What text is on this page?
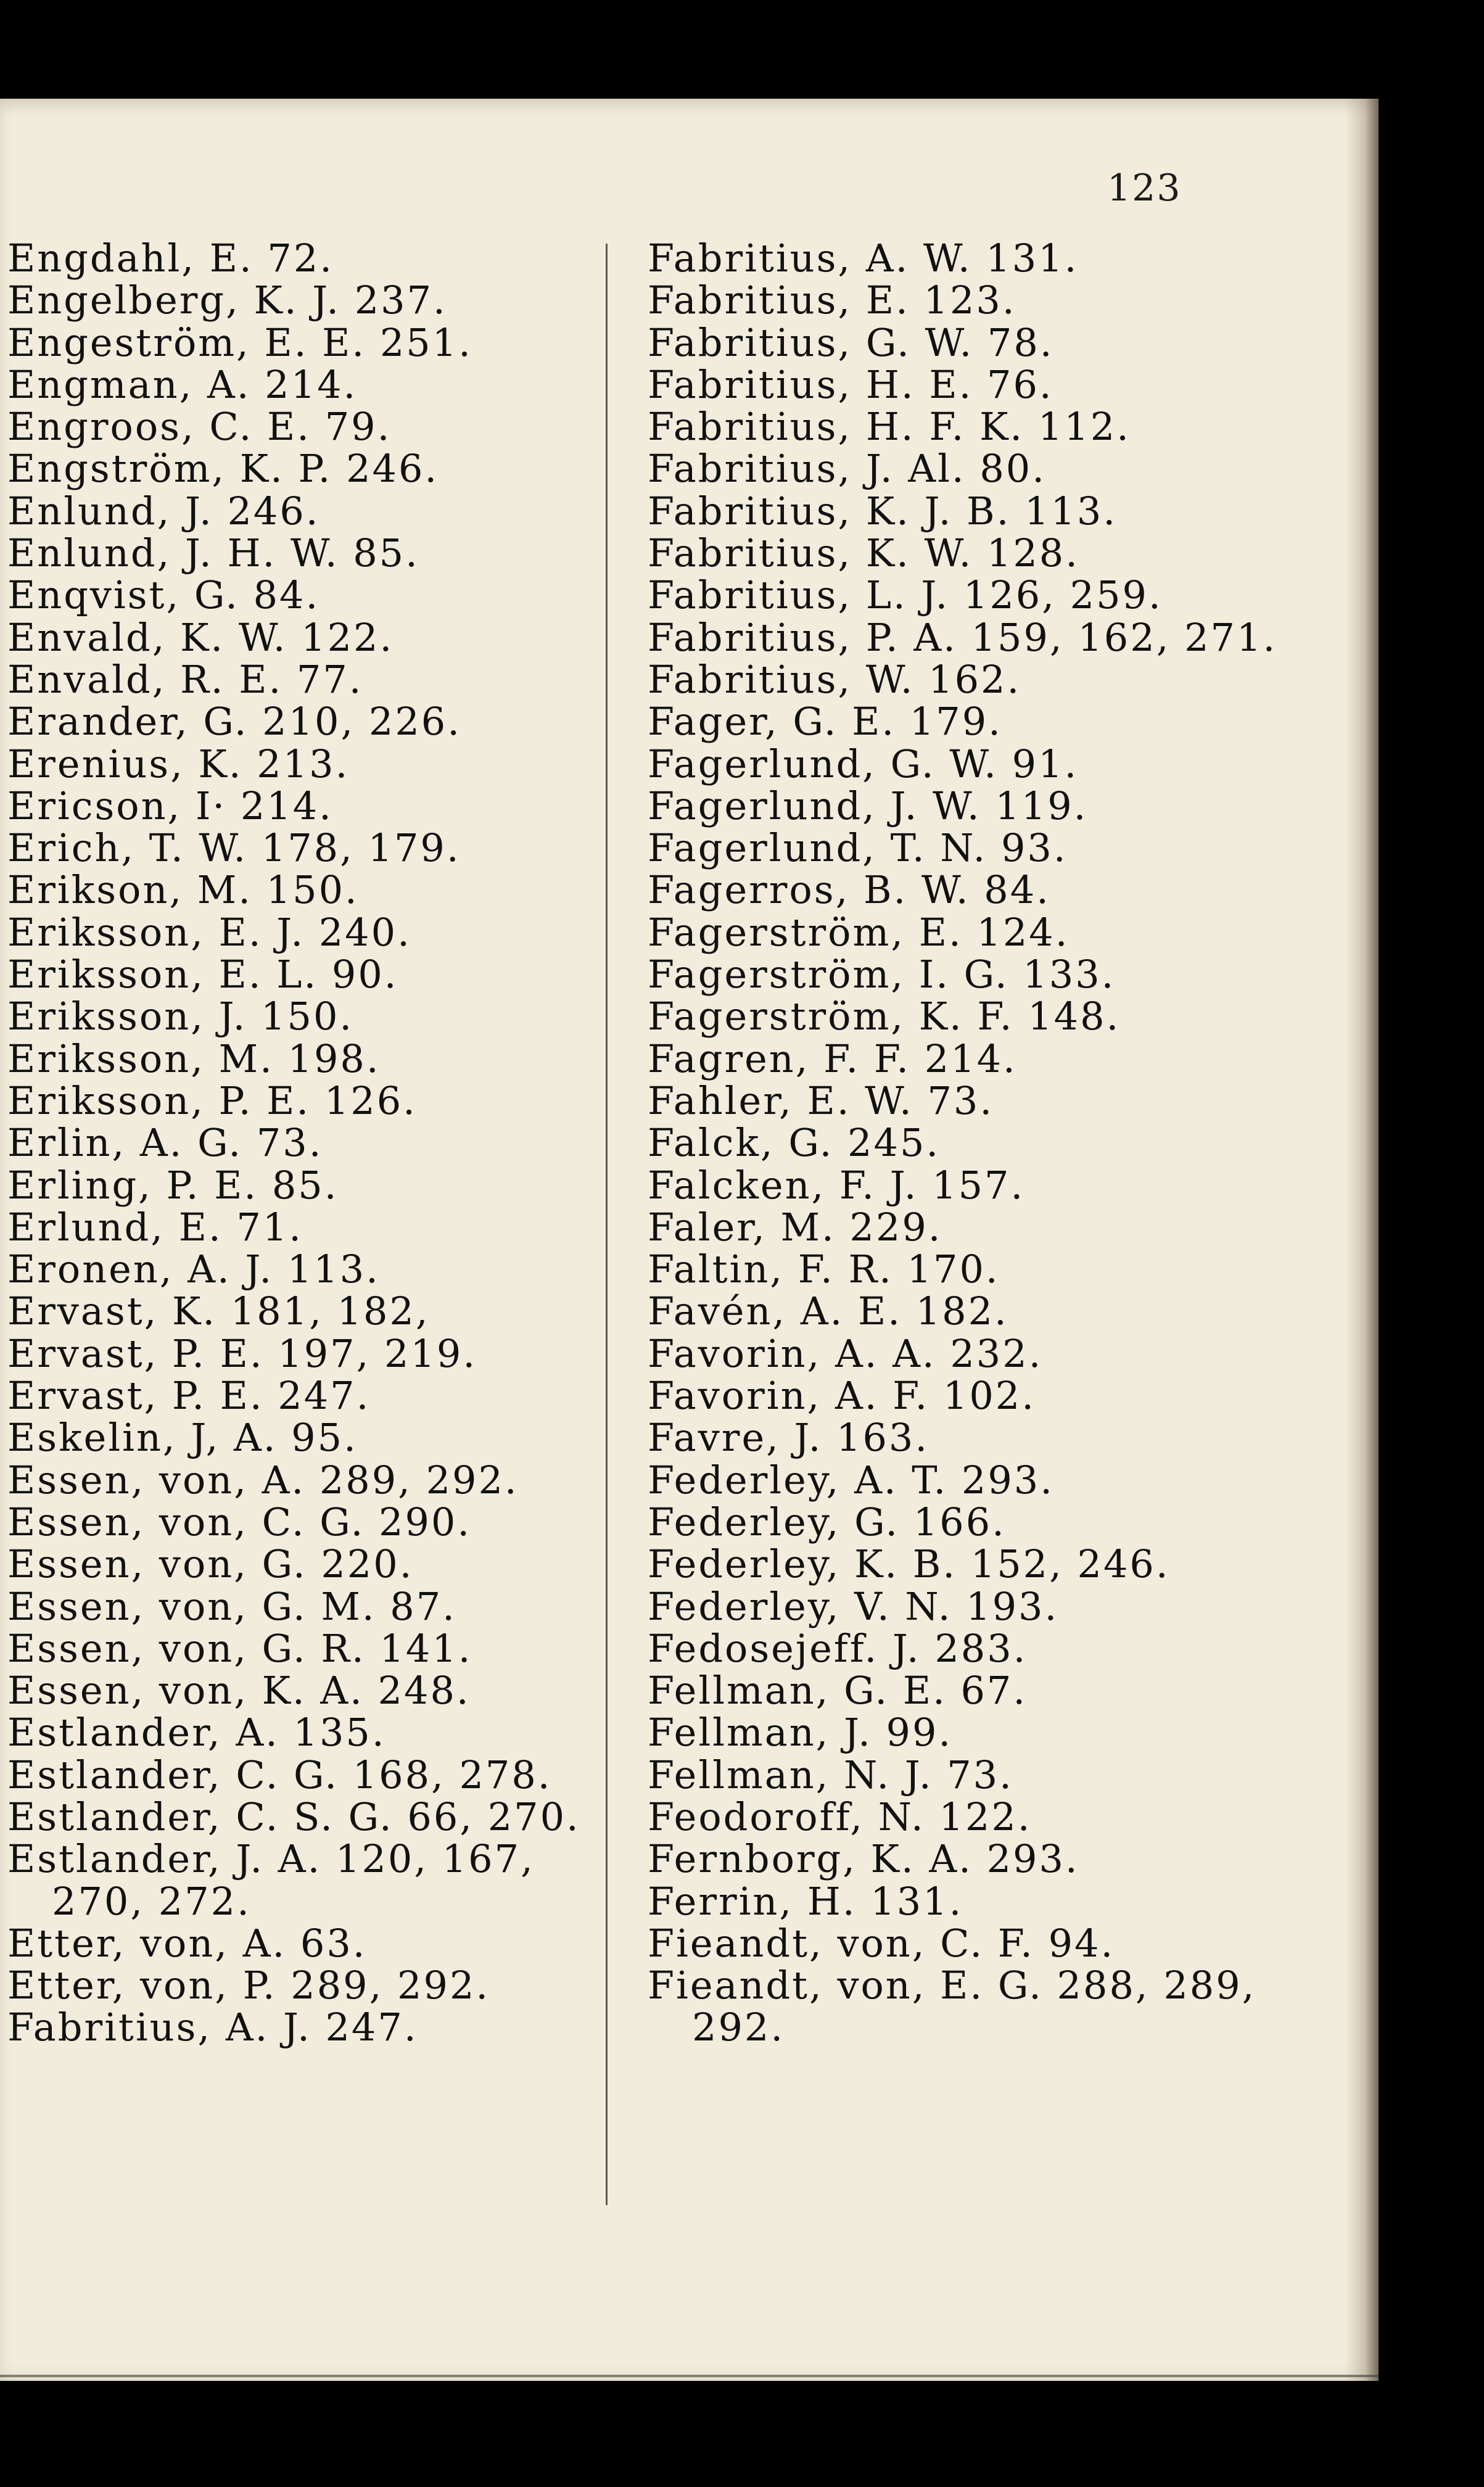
123
Engdahl, E. 72.
Engelberg, K. J. 237.
Engeström, E. E. 251.
Engman, A. 214.
Engroos, C. E. 79.
Engström, K. P. 246.
Enlund, J. 246.
Enlund, J. H. W. 85.
Enqvist, G. 84.
Envald, K. W. 122.
Envald, R. E. 77.
Erander, G. 210, 226.
Erenius, K. 213.
Ericson, I· 214.
Erich, T. W. 178, 179.
Erikson, M. 150.
Eriksson, E. J. 240.
Eriksson, E. L. 90.
Eriksson, J. 150.
Eriksson, M. 198.
Eriksson, P. E. 126.
Erlin, A. G. 73.
Erling, P. E. 85.
Erlund, E. 71.
Eronen, A. J. 113.
Ervast, K. 181, 182,
Ervast, P. E. 197, 219.
Ervast, P. E. 247.
Eskelin, J, A. 95.
Essen, von, A. 289, 292.
Essen, von, C. G. 290.
Essen, von, G. 220.
Essen, von, G. M. 87.
Essen, von, G. R. 141.
Essen, von, K. A. 248.
Estlander, A. 135.
Estlander, C. G. 168, 278.
Estlander, C. S. G. 66, 270.
Estlander, J. A. 120, 167,
270, 272.
Etter, von, A. 63.
Etter, von, P. 289, 292.
Fabritius, A. J. 247.
Fabritius, A. W. 131.
Fabritius, E. 123.
Fabritius, G. W. 78.
Fabritius, H. E. 76.
Fabritius, H. F. K. 112.
Fabritius, J. Al. 80.
Fabritius, K. J. B. 113.
Fabritius, K. W. 128.
Fabritius, L. J. 126, 259.
Fabritius, P. A. 159, 162, 271.
Fabritius, W. 162.
Fager, G. E. 179.
Fagerlund, G. W. 91.
Fagerlund, J. W. 119.
Fagerlund, T. N. 93.
Fagerros, B. W. 84.
Fagerström, E. 124.
Fagerström, I. G. 133.
Fagerström, K. F. 148.
Fagren, F. F. 214.
Fahler, E. W. 73.
Falck, G. 245.
Falcken, F. J. 157.
Faler, M. 229.
Faltin, F. R. 170.
Favén, A. E. 182.
Favorin, A. A. 232.
Favorin, A. F. 102.
Favre, J. 163.
Federley, A. T. 293.
Federley, G. 166.
Federley, K. B. 152, 246.
Federley, V. N. 193.
Fedosejeff. J. 283.
Fellman, G. E. 67.
Fellman, J. 99.
Fellman, N. J. 73.
Feodoroff, N. 122.
Fernborg, K. A. 293.
Ferrin, H. 131.
Fieandt, von, C. F. 94.
Fieandt, von, E. G. 288, 289,
292.
